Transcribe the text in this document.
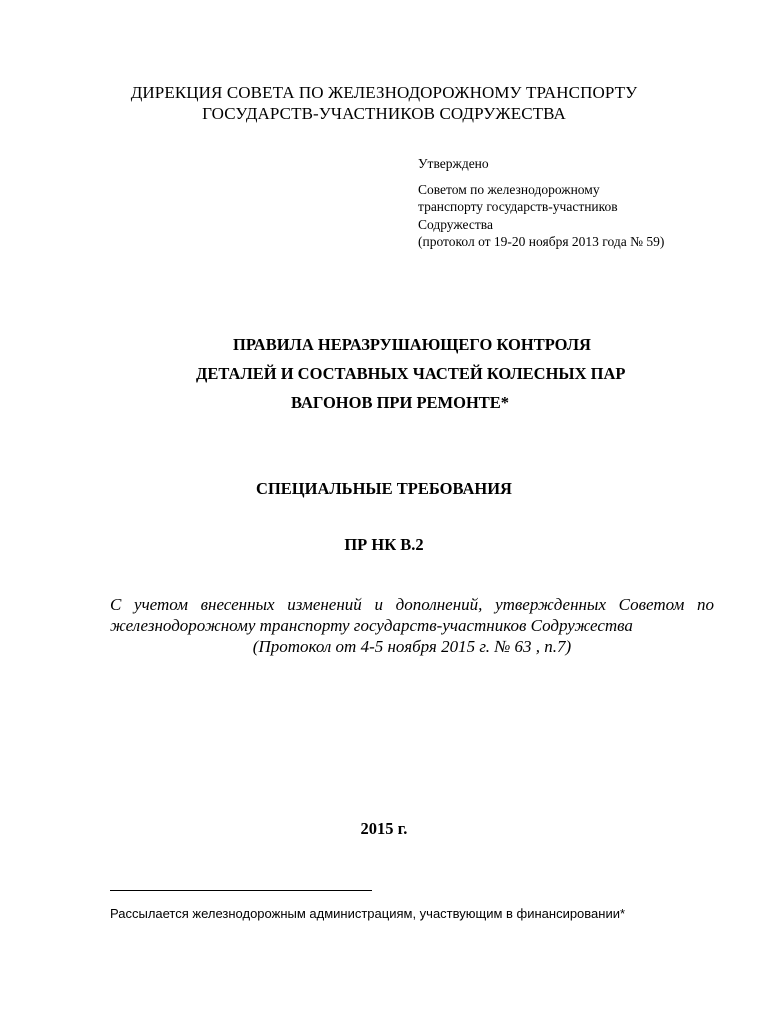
ДИРЕКЦИЯ СОВЕТА ПО ЖЕЛЕЗНОДОРОЖНОМУ ТРАНСПОРТУ
ГОСУДАРСТВ-УЧАСТНИКОВ СОДРУЖЕСТВА
Утверждено
Советом по железнодорожному
транспорту государств-участников
Содружества
(протокол от 19-20 ноября 2013 года № 59)
ПРАВИЛА НЕРАЗРУШАЮЩЕГО КОНТРОЛЯ
ДЕТАЛЕЙ И СОСТАВНЫХ ЧАСТЕЙ КОЛЕСНЫХ ПАР
ВАГОНОВ ПРИ РЕМОНТЕ*
СПЕЦИАЛЬНЫЕ ТРЕБОВАНИЯ
ПР НК В.2
С учетом внесенных изменений и дополнений, утвержденных Советом по
железнодорожному транспорту государств-участников Содружества
(Протокол от 4-5 ноября 2015 г. № 63 , п.7)
2015 г.
Рассылается железнодорожным администрациям, участвующим в финансировании*
